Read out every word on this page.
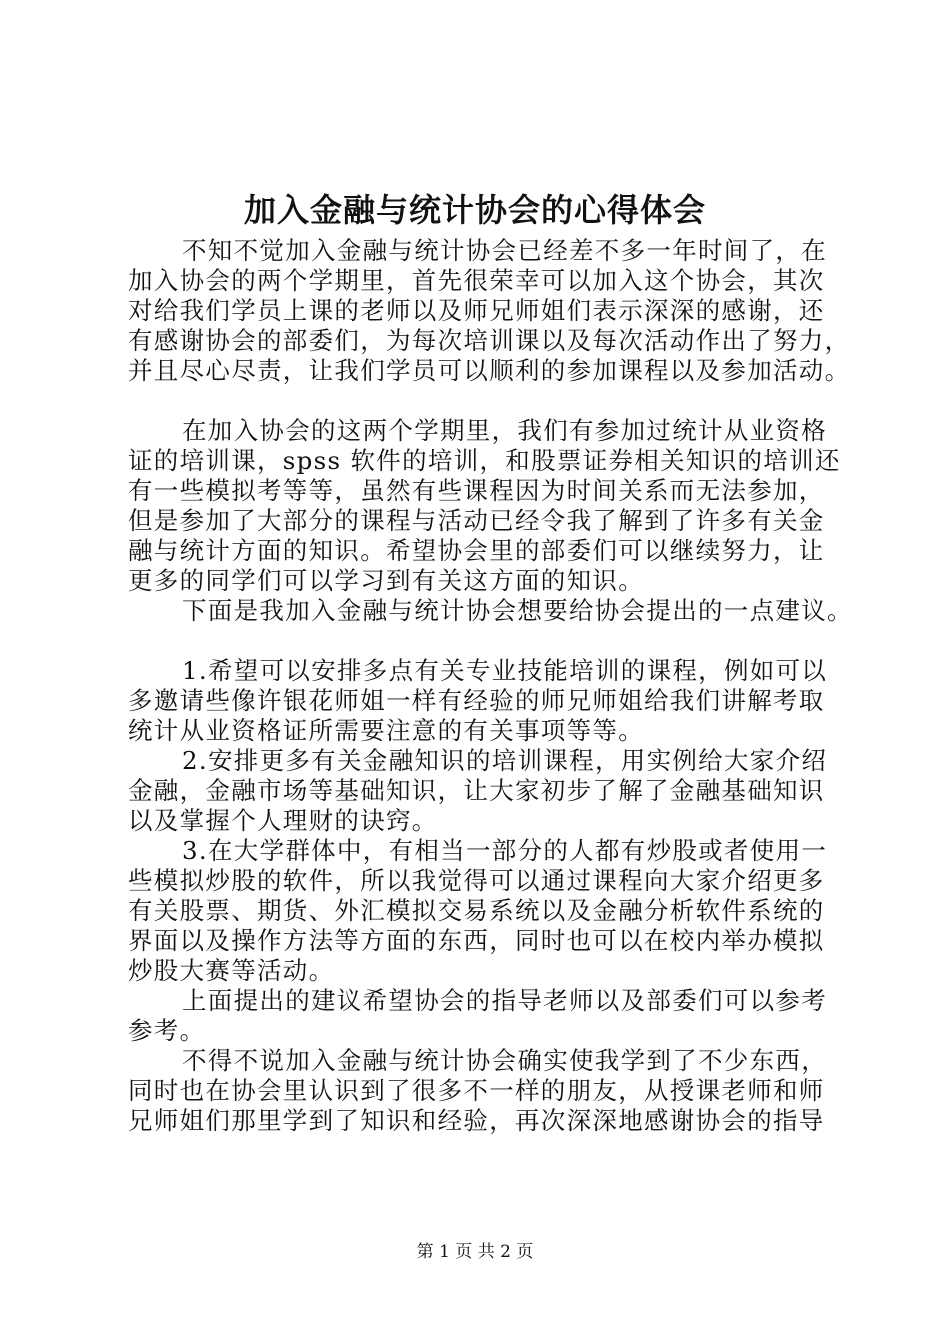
加入金融与统计协会的心得体会
不知不觉加入金融与统计协会已经差不多一年时间了，在
加入协会的两个学期里，首先很荣幸可以加入这个协会，其次
对给我们学员上课的老师以及师兄师姐们表示深深的感谢，还
有感谢协会的部委们，为每次培训课以及每次活动作出了努力，
并且尽心尽责，让我们学员可以顺利的参加课程以及参加活动。
在加入协会的这两个学期里，我们有参加过统计从业资格
证的培训课，spss 软件的培训，和股票证券相关知识的培训还
有一些模拟考等等，虽然有些课程因为时间关系而无法参加，
但是参加了大部分的课程与活动已经令我了解到了许多有关金
融与统计方面的知识。希望协会里的部委们可以继续努力，让
更多的同学们可以学习到有关这方面的知识。
下面是我加入金融与统计协会想要给协会提出的一点建议。
1.希望可以安排多点有关专业技能培训的课程，例如可以
多邀请些像许银花师姐一样有经验的师兄师姐给我们讲解考取
统计从业资格证所需要注意的有关事项等等。
2.安排更多有关金融知识的培训课程，用实例给大家介绍
金融，金融市场等基础知识，让大家初步了解了金融基础知识
以及掌握个人理财的诀窍。
3.在大学群体中，有相当一部分的人都有炒股或者使用一
些模拟炒股的软件，所以我觉得可以通过课程向大家介绍更多
有关股票、期货、外汇模拟交易系统以及金融分析软件系统的
界面以及操作方法等方面的东西，同时也可以在校内举办模拟
炒股大赛等活动。
上面提出的建议希望协会的指导老师以及部委们可以参考
参考。
不得不说加入金融与统计协会确实使我学到了不少东西，
同时也在协会里认识到了很多不一样的朋友，从授课老师和师
兄师姐们那里学到了知识和经验，再次深深地感谢协会的指导
第 1 页 共 2 页
